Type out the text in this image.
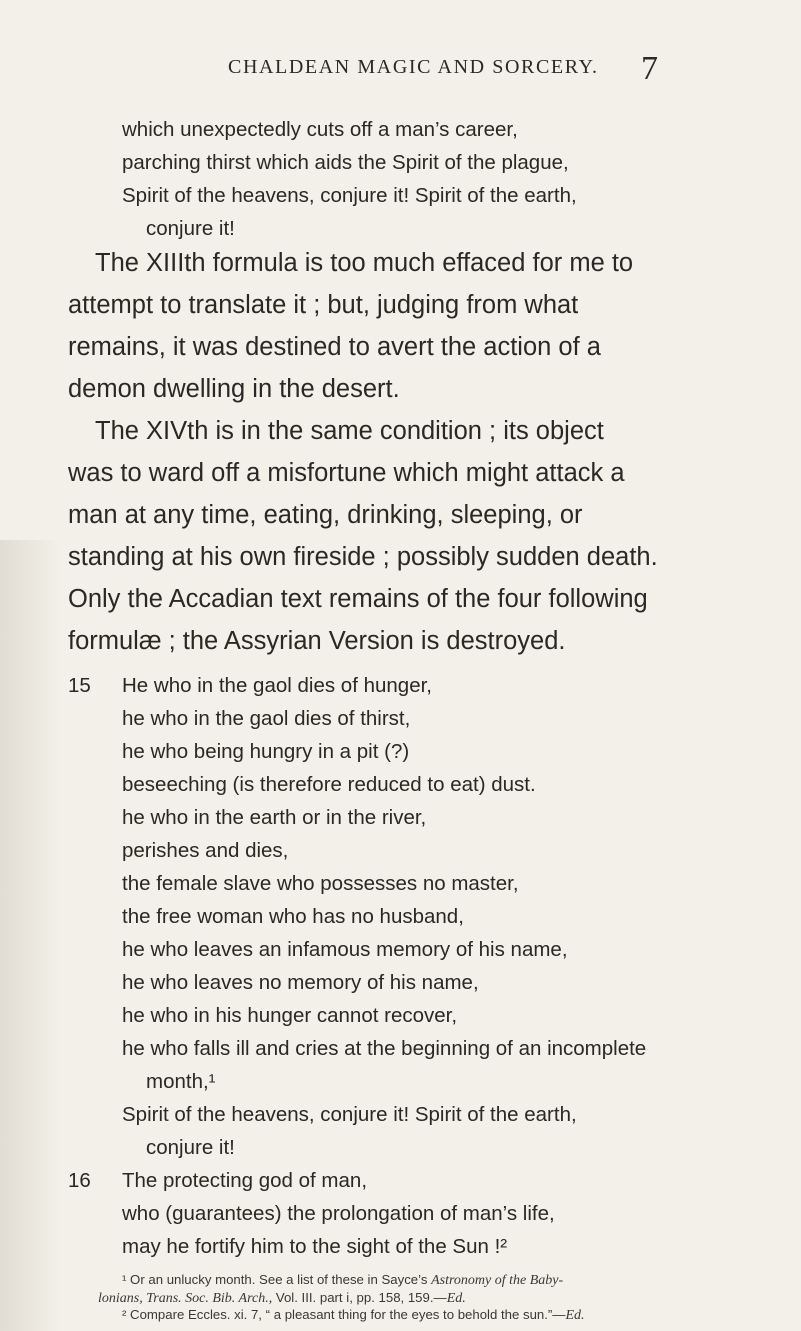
CHALDEAN MAGIC AND SORCERY. 7
which unexpectedly cuts off a man’s career,
parching thirst which aids the Spirit of the plague,
Spirit of the heavens, conjure it! Spirit of the earth,
conjure it!
The XIIIth formula is too much effaced for me to
attempt to translate it ; but, judging from what
remains, it was destined to avert the action of a
demon dwelling in the desert.
The XIVth is in the same condition ; its object
was to ward off a misfortune which might attack a
man at any time, eating, drinking, sleeping, or
standing at his own fireside ; possibly sudden death.
Only the Accadian text remains of the four following
formulæ ; the Assyrian Version is destroyed.
15 He who in the gaol dies of hunger,
he who in the gaol dies of thirst,
he who being hungry in a pit (?)
beseeching (is therefore reduced to eat) dust.
he who in the earth or in the river,
perishes and dies,
the female slave who possesses no master,
the free woman who has no husband,
he who leaves an infamous memory of his name,
he who leaves no memory of his name,
he who in his hunger cannot recover,
he who falls ill and cries at the beginning of an incomplete
month,¹
Spirit of the heavens, conjure it! Spirit of the earth,
conjure it!
16 The protecting god of man,
who (guarantees) the prolongation of man’s life,
may he fortify him to the sight of the Sun !²
¹ Or an unlucky month. See a list of these in Sayce’s Astronomy of the Baby-
lonians, Trans. Soc. Bib. Arch., Vol. III. part i, pp. 158, 159.—Ed.
² Compare Eccles. xi. 7, “ a pleasant thing for the eyes to behold the sun.”—Ed.
